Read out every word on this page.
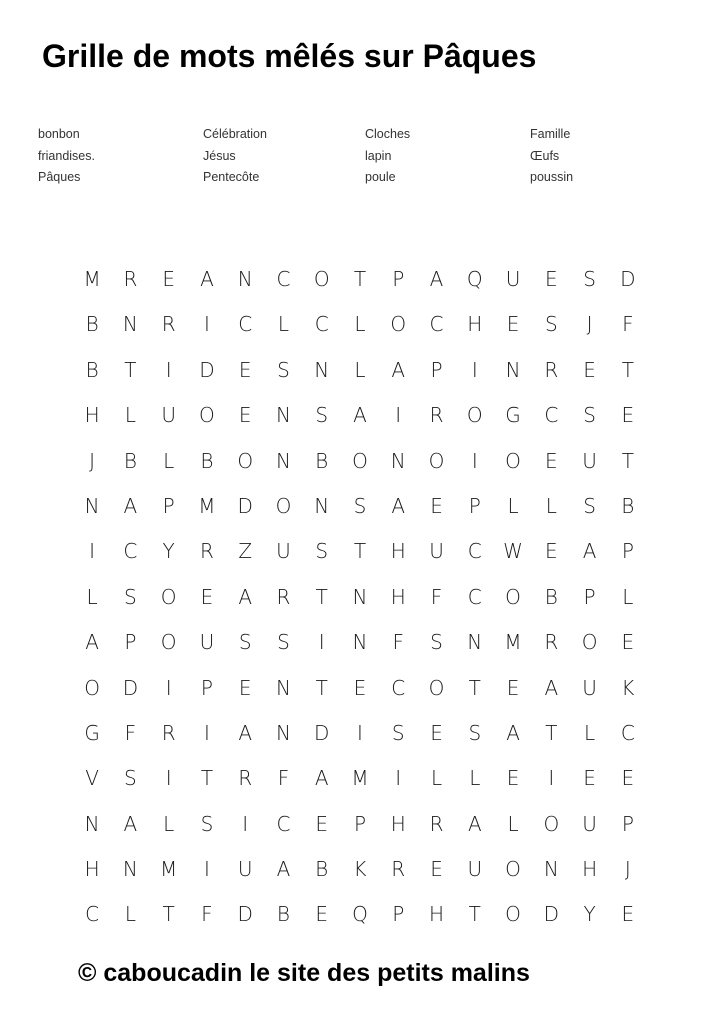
Grille de mots mêlés sur Pâques
bonbon
friandises.
Pâques
Célébration
Jésus
Pentecôte
Cloches
lapin
poule
Famille
Œufs
poussin
M	R	E	A	N	C	O	T	P	A	Q	U	E	S	D
B	N	R	I	C	L	C	L	O	C	H	E	S	J	F
B	T	I	D	E	S	N	L	A	P	I	N	R	E	T
H	L	U	O	E	N	S	A	I	R	O	G	C	S	E
J	B	L	B	O	N	B	O	N	O	I	O	E	U	T
N	A	P	M	D	O	N	S	A	E	P	L	L	S	B
I	C	Y	R	Z	U	S	T	H	U	C	W	E	A	P
L	S	O	E	A	R	T	N	H	F	C	O	B	P	L
A	P	O	U	S	S	I	N	F	S	N	M	R	O	E
O	D	I	P	E	N	T	E	C	O	T	E	A	U	K
G	F	R	I	A	N	D	I	S	E	S	A	T	L	C
V	S	I	T	R	F	A	M	I	L	L	E	I	E	E
N	A	L	S	I	C	E	P	H	R	A	L	O	U	P
H	N	M	I	U	A	B	K	R	E	U	O	N	H	J
C	L	T	F	D	B	E	Q	P	H	T	O	D	Y	E
© caboucadin le site des petits malins
